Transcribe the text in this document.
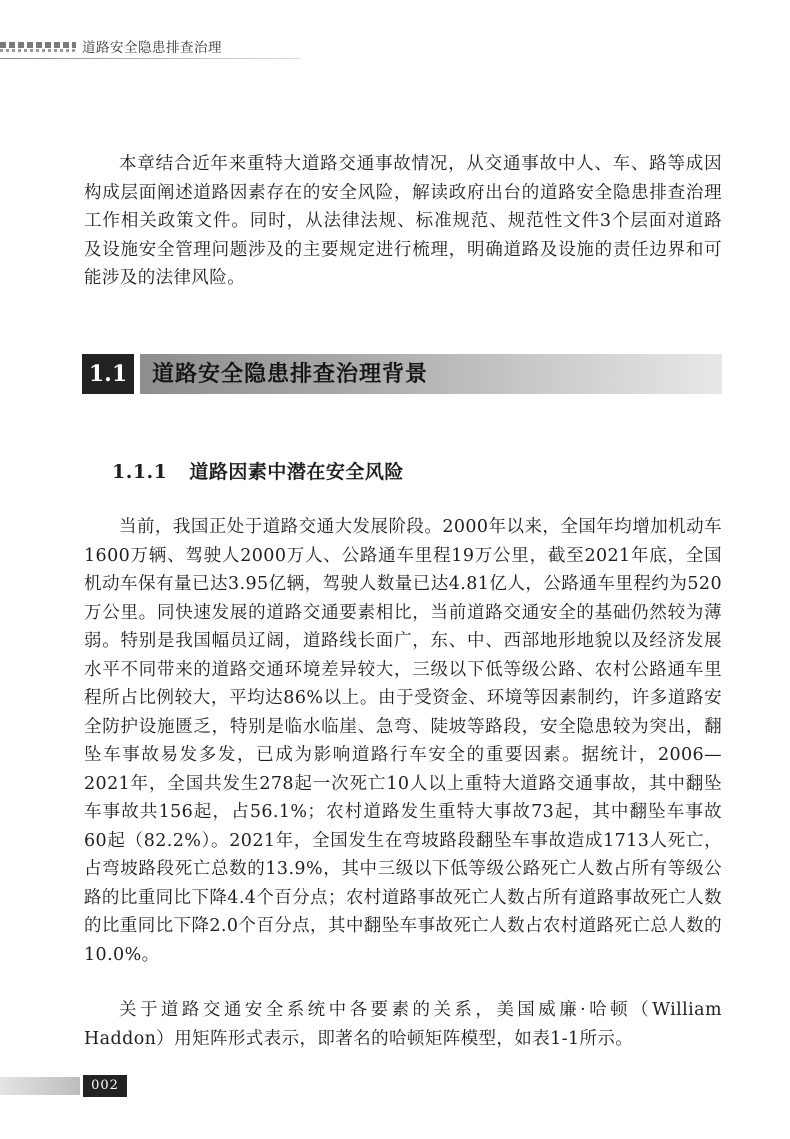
道路安全隐患排查治理

本章结合近年来重特大道路交通事故情况，从交通事故中人、车、路等成因构成层面阐述道路因素存在的安全风险，解读政府出台的道路安全隐患排查治理工作相关政策文件。同时，从法律法规、标准规范、规范性文件3个层面对道路及设施安全管理问题涉及的主要规定进行梳理，明确道路及设施的责任边界和可能涉及的法律风险。

1.1	道路安全隐患排查治理背景
1.1.1 道路因素中潜在安全风险

当前，我国正处于道路交通大发展阶段。2000年以来，全国年均增加机动车1600万辆、驾驶人2000万人、公路通车里程19万公里，截至2021年底，全国机动车保有量已达3.95亿辆，驾驶人数量已达4.81亿人，公路通车里程约为520万公里。同快速发展的道路交通要素相比，当前道路交通安全的基础仍然较为薄弱。特别是我国幅员辽阔，道路线长面广，东、中、西部地形地貌以及经济发展水平不同带来的道路交通环境差异较大，三级以下低等级公路、农村公路通车里程所占比例较大，平均达86%以上。由于受资金、环境等因素制约，许多道路安全防护设施匮乏，特别是临水临崖、急弯、陡坡等路段，安全隐患较为突出，翻坠车事故易发多发，已成为影响道路行车安全的重要因素。据统计，2006—2021年，全国共发生278起一次死亡10人以上重特大道路交通事故，其中翻坠车事故共156起，占56.1%；农村道路发生重特大事故73起，其中翻坠车事故60起（82.2%）。2021年，全国发生在弯坡路段翻坠车事故造成1713人死亡，占弯坡路段死亡总数的13.9%，其中三级以下低等级公路死亡人数占所有等级公路的比重同比下降4.4个百分点；农村道路事故死亡人数占所有道路事故死亡人数的比重同比下降2.0个百分点，其中翻坠车事故死亡人数占农村道路死亡总人数的10.0%。

关于道路交通安全系统中各要素的关系，美国威廉·哈顿（William Haddon）用矩阵形式表示，即著名的哈顿矩阵模型，如表1-1所示。

002
